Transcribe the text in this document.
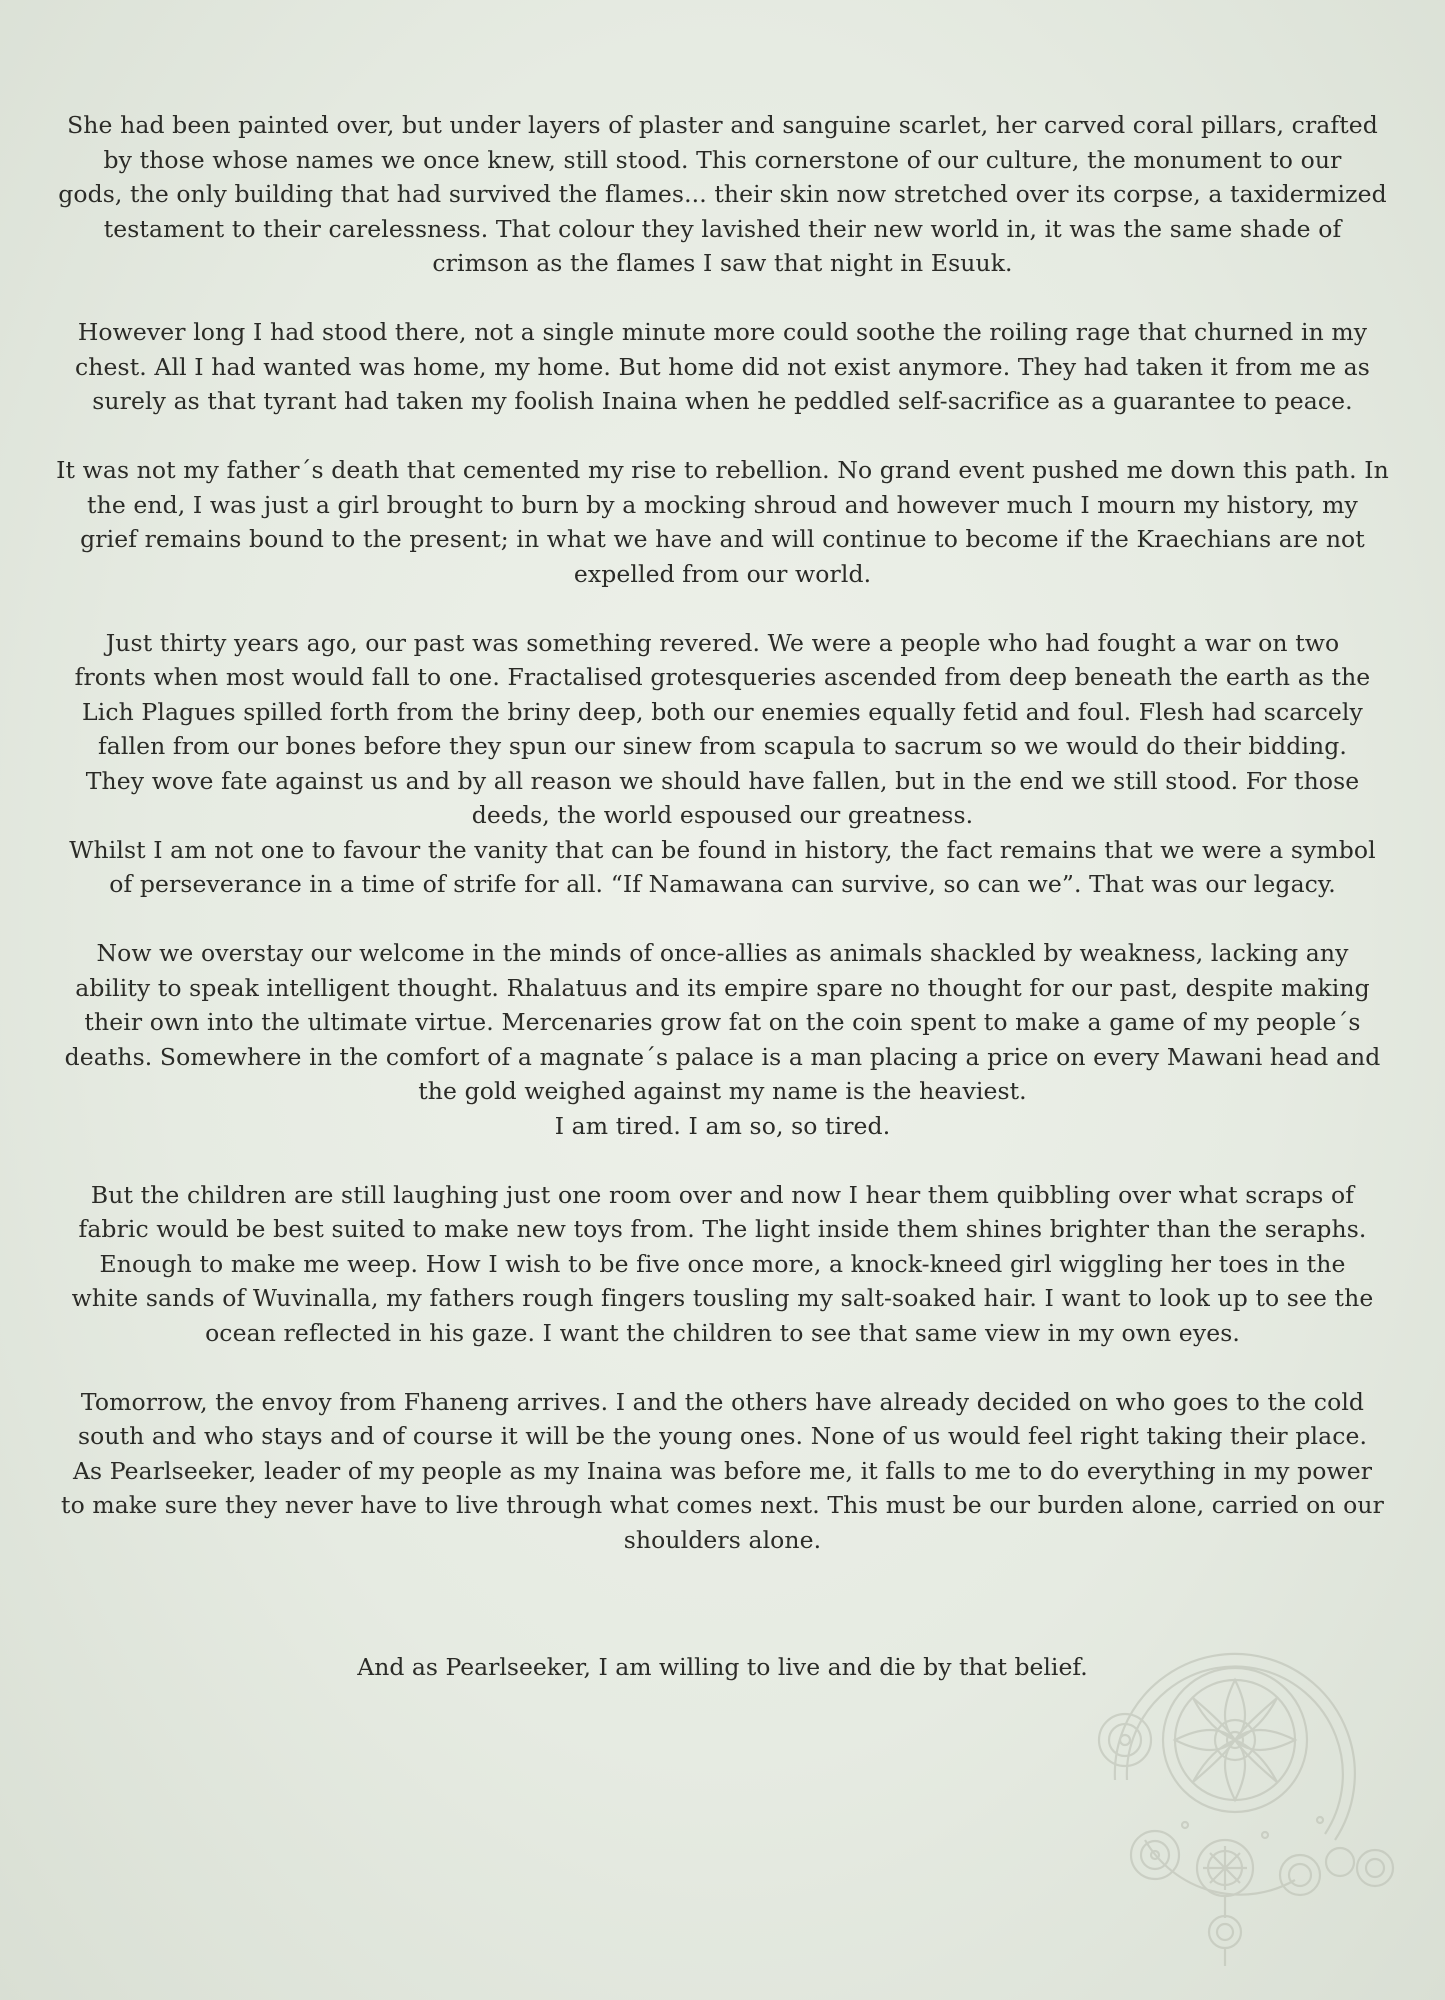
She had been painted over, but under layers of plaster and sanguine scarlet, her carved coral pillars, crafted
by those whose names we once knew, still stood. This cornerstone of our culture, the monument to our
gods, the only building that had survived the flames... their skin now stretched over its corpse, a taxidermized
testament to their carelessness. That colour they lavished their new world in, it was the same shade of
crimson as the flames I saw that night in Esuuk.

However long I had stood there, not a single minute more could soothe the roiling rage that churned in my
chest. All I had wanted was home, my home. But home did not exist anymore. They had taken it from me as
surely as that tyrant had taken my foolish Inaina when he peddled self-sacrifice as a guarantee to peace.

It was not my father´s death that cemented my rise to rebellion. No grand event pushed me down this path. In
the end, I was just a girl brought to burn by a mocking shroud and however much I mourn my history, my
grief remains bound to the present; in what we have and will continue to become if the Kraechians are not
expelled from our world.

Just thirty years ago, our past was something revered. We were a people who had fought a war on two
fronts when most would fall to one. Fractalised grotesqueries ascended from deep beneath the earth as the
Lich Plagues spilled forth from the briny deep, both our enemies equally fetid and foul. Flesh had scarcely
fallen from our bones before they spun our sinew from scapula to sacrum so we would do their bidding.
They wove fate against us and by all reason we should have fallen, but in the end we still stood. For those
deeds, the world espoused our greatness.

Whilst I am not one to favour the vanity that can be found in history, the fact remains that we were a symbol
of perseverance in a time of strife for all. “If Namawana can survive, so can we”. That was our legacy.

Now we overstay our welcome in the minds of once-allies as animals shackled by weakness, lacking any
ability to speak intelligent thought. Rhalatuus and its empire spare no thought for our past, despite making
their own into the ultimate virtue. Mercenaries grow fat on the coin spent to make a game of my people´s
deaths. Somewhere in the comfort of a magnate´s palace is a man placing a price on every Mawani head and
the gold weighed against my name is the heaviest.
I am tired. I am so, so tired.

But the children are still laughing just one room over and now I hear them quibbling over what scraps of
fabric would be best suited to make new toys from. The light inside them shines brighter than the seraphs.
Enough to make me weep. How I wish to be five once more, a knock-kneed girl wiggling her toes in the
white sands of Wuvinalla, my fathers rough fingers tousling my salt-soaked hair. I want to look up to see the
ocean reflected in his gaze. I want the children to see that same view in my own eyes.

Tomorrow, the envoy from Fhaneng arrives. I and the others have already decided on who goes to the cold
south and who stays and of course it will be the young ones. None of us would feel right taking their place.
As Pearlseeker, leader of my people as my Inaina was before me, it falls to me to do everything in my power
to make sure they never have to live through what comes next. This must be our burden alone, carried on our
shoulders alone.

And as Pearlseeker, I am willing to live and die by that belief.
